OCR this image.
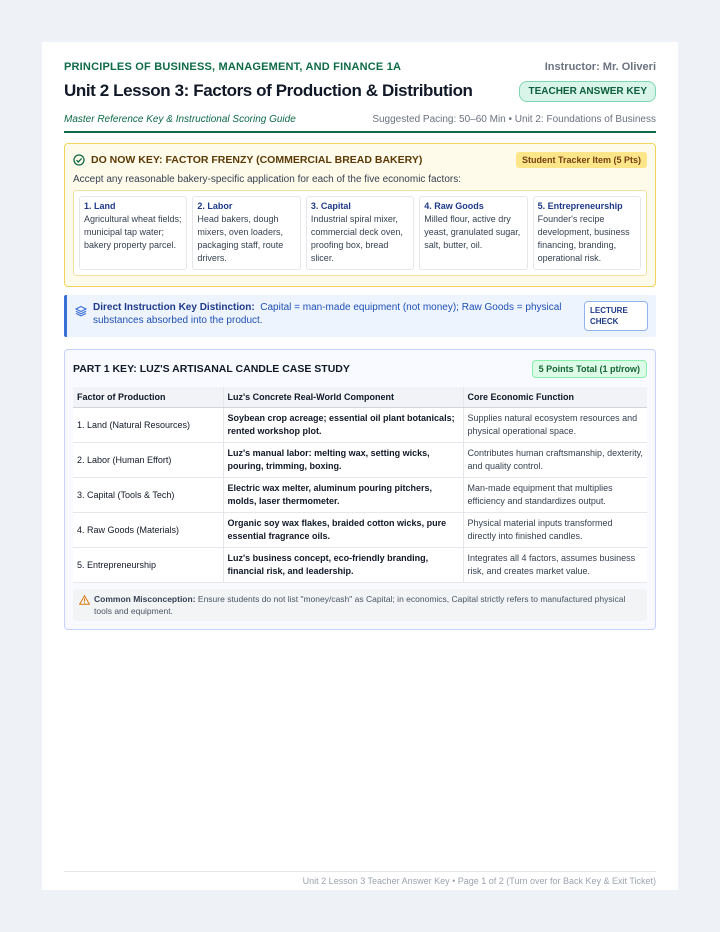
PRINCIPLES OF BUSINESS, MANAGEMENT, AND FINANCE 1A	Instructor: Mr. Oliveri
Unit 2 Lesson 3: Factors of Production & Distribution	TEACHER ANSWER KEY
Master Reference Key & Instructional Scoring Guide	Suggested Pacing: 50–60 Min • Unit 2: Foundations of Business
DO NOW KEY: FACTOR FRENZY (COMMERCIAL BREAD BAKERY)	Student Tracker Item (5 Pts)
Accept any reasonable bakery-specific application for each of the five economic factors:
1. Land
Agricultural wheat fields; municipal tap water; bakery property parcel.
2. Labor
Head bakers, dough mixers, oven loaders, packaging staff, route drivers.
3. Capital
Industrial spiral mixer, commercial deck oven, proofing box, bread slicer.
4. Raw Goods
Milled flour, active dry yeast, granulated sugar, salt, butter, oil.
5. Entrepreneurship
Founder's recipe development, business financing, branding, operational risk.
Direct Instruction Key Distinction: Capital = man-made equipment (not money); Raw Goods = physical substances absorbed into the product.
LECTURE CHECK
PART 1 KEY: LUZ'S ARTISANAL CANDLE CASE STUDY	5 Points Total (1 pt/row)
Factor of Production	Luz's Concrete Real-World Component	Core Economic Function
1. Land (Natural Resources)	Soybean crop acreage; essential oil plant botanicals; rented workshop plot.	Supplies natural ecosystem resources and physical operational space.
2. Labor (Human Effort)	Luz's manual labor: melting wax, setting wicks, pouring, trimming, boxing.	Contributes human craftsmanship, dexterity, and quality control.
3. Capital (Tools & Tech)	Electric wax melter, aluminum pouring pitchers, molds, laser thermometer.	Man-made equipment that multiplies efficiency and standardizes output.
4. Raw Goods (Materials)	Organic soy wax flakes, braided cotton wicks, pure essential fragrance oils.	Physical material inputs transformed directly into finished candles.
5. Entrepreneurship	Luz's business concept, eco-friendly branding, financial risk, and leadership.	Integrates all 4 factors, assumes business risk, and creates market value.
Common Misconception: Ensure students do not list "money/cash" as Capital; in economics, Capital strictly refers to manufactured physical tools and equipment.
Unit 2 Lesson 3 Teacher Answer Key • Page 1 of 2 (Turn over for Back Key & Exit Ticket)
